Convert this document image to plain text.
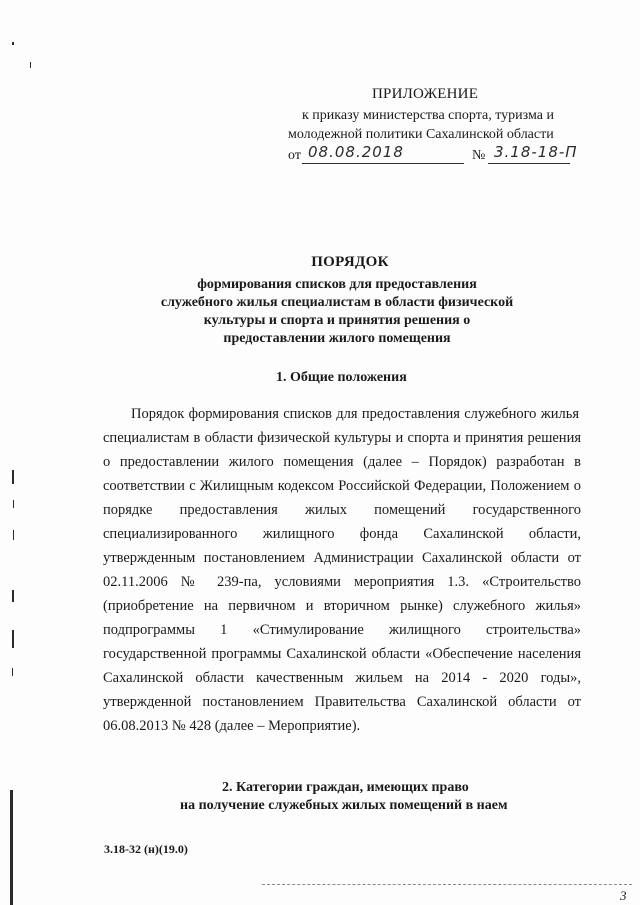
ПРИЛОЖЕНИЕ
к приказу министерства спорта, туризма и
молодежной политики Сахалинской области
от 08.08.2018	№ 3.18-18-П
ПОРЯДОК
формирования списков для предоставления
служебного жилья специалистам в области физической
культуры и спорта и принятия решения о
предоставлении жилого помещения
1. Общие положения
Порядок формирования списков для предоставления служебного жилья
специалистам в области физической культуры и спорта и принятия решения
о предоставлении жилого помещения (далее – Порядок) разработан в
соответствии с Жилищным кодексом Российской Федерации, Положением о
порядке предоставления жилых помещений государственного
специализированного жилищного фонда Сахалинской области,
утвержденным постановлением Администрации Сахалинской области от
02.11.2006 № 239-па, условиями мероприятия 1.3. «Строительство
(приобретение на первичном и вторичном рынке) служебного жилья»
подпрограммы 1 «Стимулирование жилищного строительства»
государственной программы Сахалинской области «Обеспечение населения
Сахалинской области качественным жильем на 2014 - 2020 годы»,
утвержденной постановлением Правительства Сахалинской области от
06.08.2013 № 428 (далее – Мероприятие).
2. Категории граждан, имеющих право
на получение служебных жилых помещений в наем
3.18-32 (н)(19.0)
3
